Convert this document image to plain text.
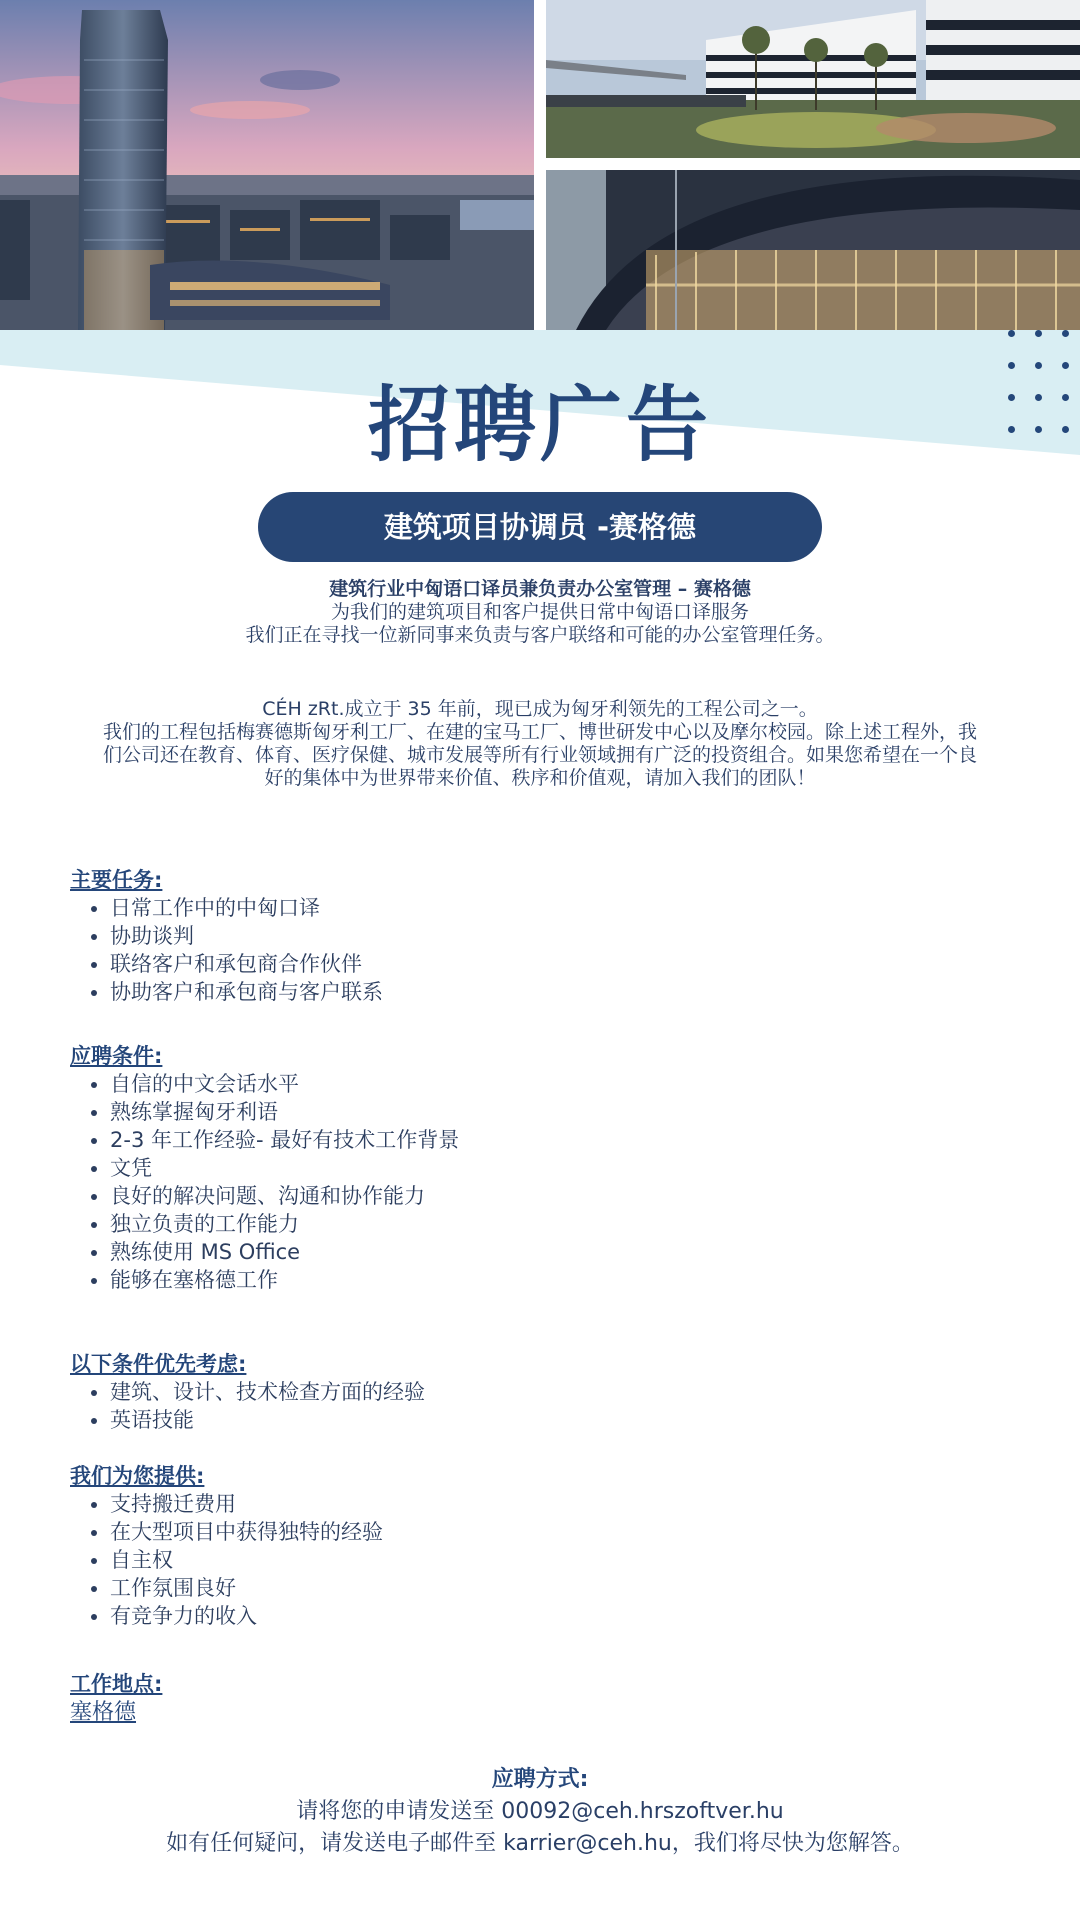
招聘广告
建筑项目协调员 -赛格德
建筑行业中匈语口译员兼负责办公室管理 – 赛格德
为我们的建筑项目和客户提供日常中匈语口译服务
我们正在寻找一位新同事来负责与客户联络和可能的办公室管理任务。
CÉH zRt.成立于 35 年前，现已成为匈牙利领先的工程公司之一。
我们的工程包括梅赛德斯匈牙利工厂、在建的宝马工厂、博世研发中心以及摩尔校园。除上述工程外，我
们公司还在教育、体育、医疗保健、城市发展等所有行业领域拥有广泛的投资组合。如果您希望在一个良
好的集体中为世界带来价值、秩序和价值观，请加入我们的团队！
主要任务:
• 日常工作中的中匈口译
• 协助谈判
• 联络客户和承包商合作伙伴
• 协助客户和承包商与客户联系
应聘条件:
• 自信的中文会话水平
• 熟练掌握匈牙利语
• 2-3 年工作经验- 最好有技术工作背景
• 文凭
• 良好的解决问题、沟通和协作能力
• 独立负责的工作能力
• 熟练使用 MS Office
• 能够在塞格德工作
以下条件优先考虑:
• 建筑、设计、技术检查方面的经验
• 英语技能
我们为您提供:
• 支持搬迁费用
• 在大型项目中获得独特的经验
• 自主权
• 工作氛围良好
• 有竞争力的收入
工作地点:
塞格德
应聘方式:
请将您的申请发送至 00092@ceh.hrszoftver.hu
如有任何疑问，请发送电子邮件至 karrier@ceh.hu，我们将尽快为您解答。
